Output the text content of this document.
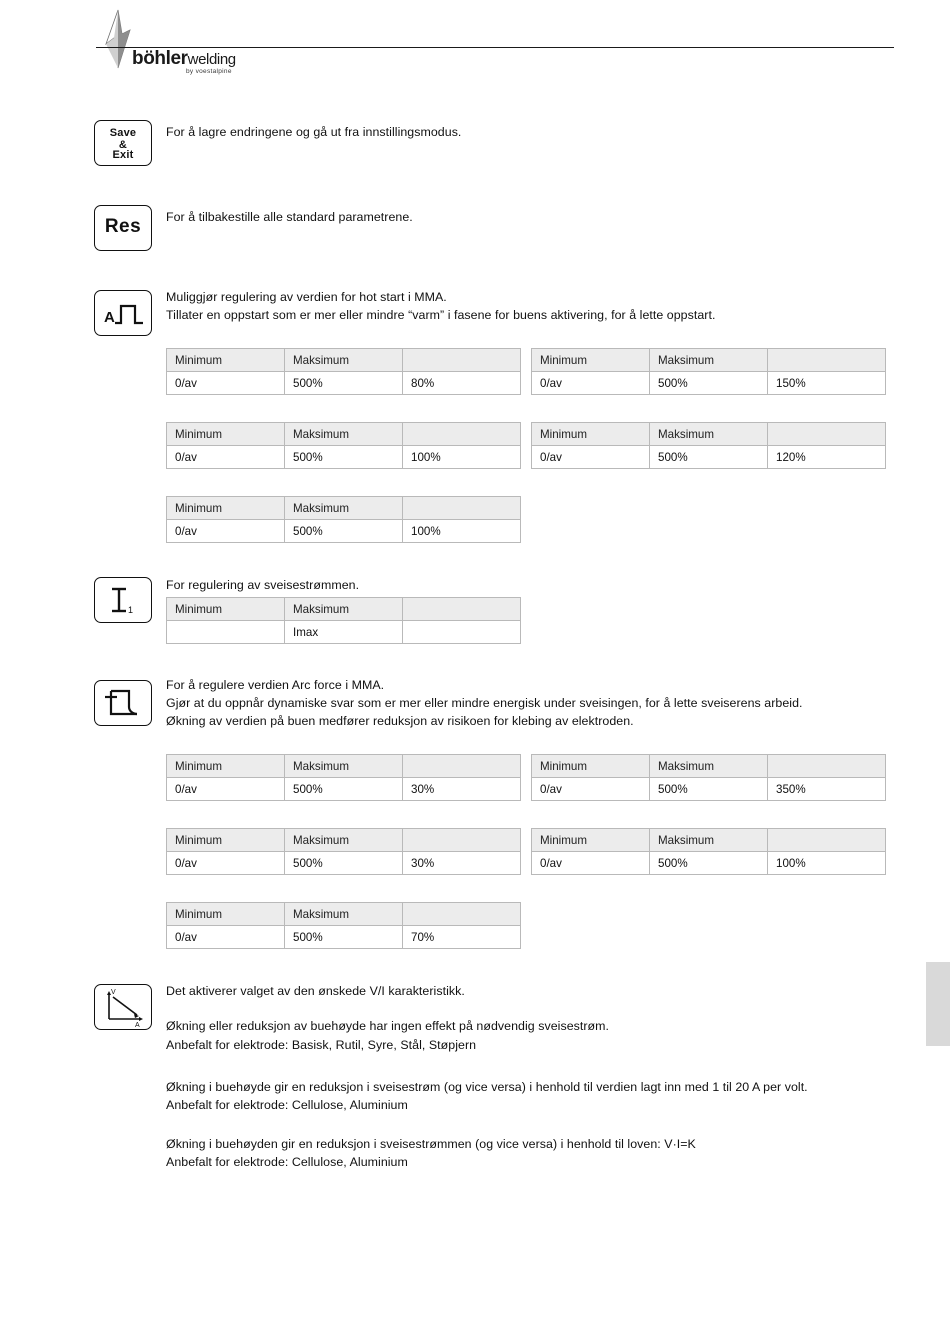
böhlerwelding
by voestalpine
Save
&
Exit
For å lagre endringene og gå ut fra innstillingsmodus.
Res	For å tilbakestille alle standard parametrene.
A
Muliggjør regulering av verdien for hot start i MMA.
Tillater en oppstart som er mer eller mindre “varm” i fasene for buens aktivering, for å lette oppstart.
Minimum	Maksimum	
0/av	500%	80%
Minimum	Maksimum	
0/av	500%	150%
Minimum	Maksimum	
0/av	500%	100%
Minimum	Maksimum	
0/av	500%	120%
Minimum	Maksimum	
0/av	500%	100%
1
For regulering av sveisestrømmen.
Minimum	Maksimum	
	Imax	
For å regulere verdien Arc force i MMA.
Gjør at du oppnår dynamiske svar som er mer eller mindre energisk under sveisingen, for å lette sveiserens arbeid.
Økning av verdien på buen medfører reduksjon av risikoen for klebing av elektroden.
Minimum	Maksimum	
0/av	500%	30%
Minimum	Maksimum	
0/av	500%	350%
Minimum	Maksimum	
0/av	500%	30%
Minimum	Maksimum	
0/av	500%	100%
Minimum	Maksimum	
0/av	500%	70%
V
A
Det aktiverer valget av den ønskede V/I karakteristikk.
Økning eller reduksjon av buehøyde har ingen effekt på nødvendig sveisestrøm.
Anbefalt for elektrode: Basisk, Rutil, Syre, Stål, Støpjern
Økning i buehøyde gir en reduksjon i sveisestrøm (og vice versa) i henhold til verdien lagt inn med 1 til 20 A per volt.
Anbefalt for elektrode: Cellulose, Aluminium
Økning i buehøyden gir en reduksjon i sveisestrømmen (og vice versa) i henhold til loven: V·I=K
Anbefalt for elektrode: Cellulose, Aluminium
